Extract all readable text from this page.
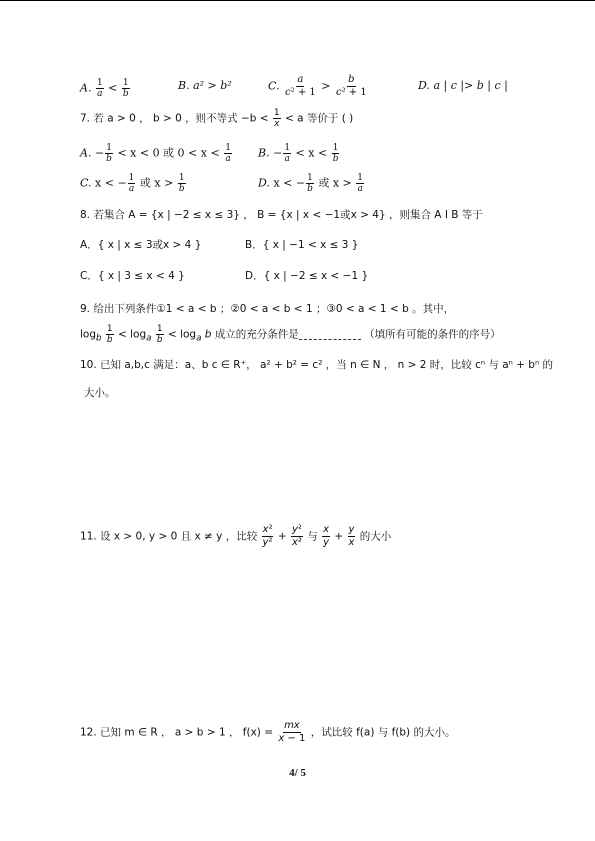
A. $\frac{1}{a} < \frac{1}{b}$	B. a² > b²	C. $\frac{a}{\text{c² + 1}} > \frac{b}{\text{c² + 1}}$	D. a | c |> b | c |
7. 若 a > 0 ， b > 0 ，则不等式 $-b < \frac{1}{x} < a$ 等价于 ( )
A. − $\frac{1}{b} < x < 0$ 或 $0 < x < \frac{1}{a} B$. − $\frac{1}{a} < x < \frac{1}{b}$
C. x < − $\frac{1}{a}$ 或 $x > \frac{1}{b}$	D. x < − $\frac{1}{b}$ 或 $x > \frac{1}{a}$
8. 若集合 A = {x | −2 ≤ x ≤ 3} ， B = {x | x < −1或x > 4} ，则集合 A I B 等于
A．{ x | x ≤ 3或x > 4 }	B．{ x | −1 < x ≤ 3 }
C．{ x | 3 ≤ x < 4 }	D．{ x | −2 ≤ x < −1 }
9. 给出下列条件①1 < a < b ；②0 < a < b < 1 ；③0 < a < 1 < b 。其中，
$\log_b \frac{1}{b} < \log_a \frac{1}{b} < \log_a b$ 成立的充分条件是	（填所有可能的条件的序号）
10. 已知 a,b,c 满足：a、b c ∈ R⁺， a² + b² = c² ，当 n ∈ N ， n > 2 时，比较 cⁿ 与 aⁿ + bⁿ 的
大小。
11. 设 x > 0, y > 0 且 x ≠ y ，比较 $\frac{\text{x²}}{\text{y²}} + \frac{\text{y²}}{\text{x²}}$ 与 $\frac{x}{y} + \frac{y}{x}$ 的大小
12. 已知 m ∈ R ， a > b > 1 ， $f(x) = \frac{mx}{x - 1}$ ，试比较 f(a) 与 f(b) 的大小。
4/ 5
